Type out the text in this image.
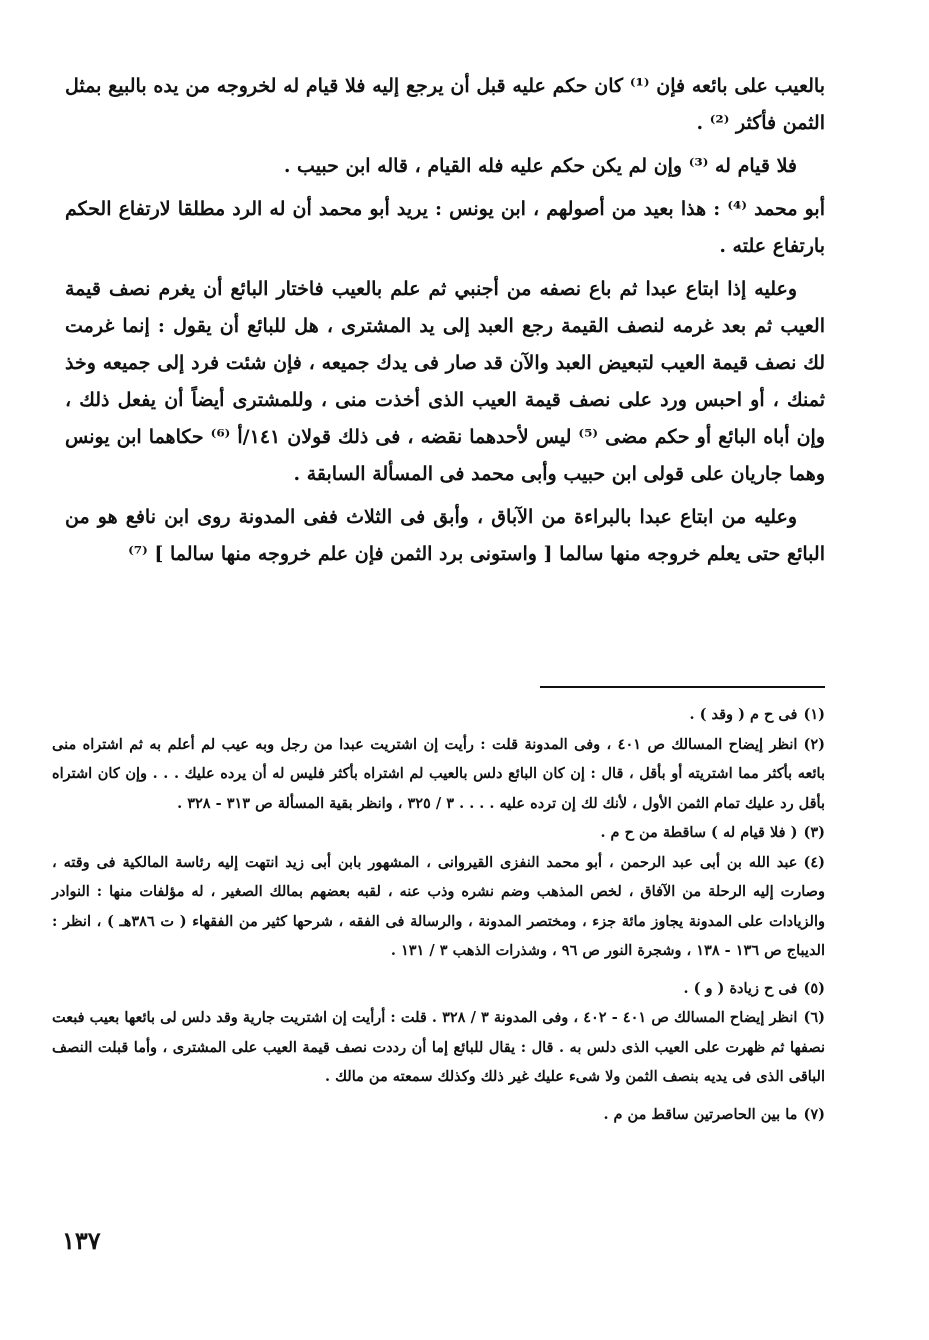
بالعيب على بائعه فإن ⁽¹⁾ كان حكم عليه قبل أن يرجع إليه فلا قيام له لخروجه من يده بالبيع بمثل الثمن فأكثر ⁽²⁾ .

فلا قيام له ⁽³⁾ وإن لم يكن حكم عليه فله القيام ، قاله ابن حبيب .

أبو محمد ⁽⁴⁾ : هذا بعيد من أصولهم ، ابن يونس : يريد أبو محمد أن له الرد مطلقا لارتفاع الحكم بارتفاع علته .

وعليه إذا ابتاع عبدا ثم باع نصفه من أجنبي ثم علم بالعيب فاختار البائع أن يغرم نصف قيمة العيب ثم بعد غرمه لنصف القيمة رجع العبد إلى يد المشترى ، هل للبائع أن يقول : إنما غرمت لك نصف قيمة العيب لتبعيض العبد والآن قد صار فى يدك جميعه ، فإن شئت فرد إلى جميعه وخذ ثمنك ، أو احبس ورد على نصف قيمة العيب الذى أخذت منى ، وللمشترى أيضاً أن يفعل ذلك ، وإن أباه البائع أو حكم مضى ⁽⁵⁾ ليس لأحدهما نقضه ، فى ذلك قولان ١٤١/أ ⁽⁶⁾ حكاهما ابن يونس وهما جاريان على قولى ابن حبيب وأبى محمد فى المسألة السابقة .

وعليه من ابتاع عبدا بالبراءة من الآباق ، وأبق فى الثلاث ففى المدونة روى ابن نافع هو من البائع حتى يعلم خروجه منها سالما [ واستونى برد الثمن فإن علم خروجه منها سالما ] ⁽⁷⁾

(١)فى ح م ( وقد ) .
(٢)انظر إيضاح المسالك ص ٤٠١ ، وفى المدونة قلت : رأيت إن اشتريت عبدا من رجل وبه عيب لم أعلم به ثم اشتراه منى بائعه بأكثر مما اشتريته أو بأقل ، قال : إن كان البائع دلس بالعيب لم اشتراه بأكثر فليس له أن يرده عليك . . . وإن كان اشتراه بأقل رد عليك تمام الثمن الأول ، لأنك لك إن ترده عليه . . . . ٣ / ٣٢٥ ، وانظر بقية المسألة ص ٣١٣ - ٣٢٨ .
(٣)( فلا قيام له ) ساقطة من ح م .
(٤)عبد الله بن أبى عبد الرحمن ، أبو محمد النفزى القيروانى ، المشهور بابن أبى زيد انتهت إليه رئاسة المالكية فى وقته ، وصارت إليه الرحلة من الآفاق ، لخص المذهب وضم نشره وذب عنه ، لقبه بعضهم بمالك الصغير ، له مؤلفات منها : النوادر والزيادات على المدونة يجاوز مائة جزء ، ومختصر المدونة ، والرسالة فى الفقه ، شرحها كثير من الفقهاء ( ت ٣٨٦هـ ) ، انظر : الديباج ص ١٣٦ - ١٣٨ ، وشجرة النور ص ٩٦ ، وشذرات الذهب ٣ / ١٣١ .
(٥)فى ح زيادة ( و ) .
(٦)انظر إيضاح المسالك ص ٤٠١ - ٤٠٢ ، وفى المدونة ٣ / ٣٢٨ . قلت : أرأيت إن اشتريت جارية وقد دلس لى بائعها بعيب فبعت نصفها ثم ظهرت على العيب الذى دلس به . قال : يقال للبائع إما أن رددت نصف قيمة العيب على المشترى ، وأما قبلت النصف الباقى الذى فى يديه بنصف الثمن ولا شىء عليك غير ذلك وكذلك سمعته من مالك .
(٧)ما بين الحاصرتين ساقط من م .
١٣٧
